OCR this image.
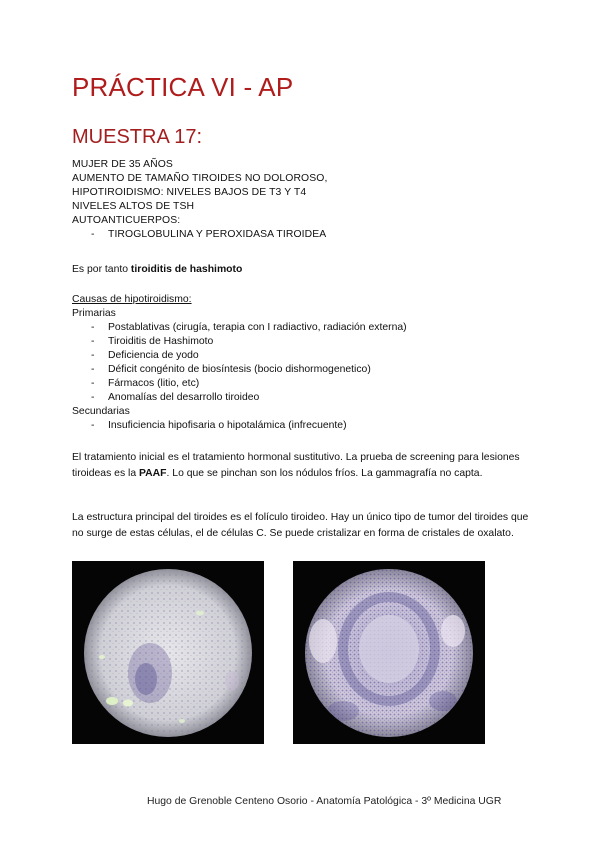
PRÁCTICA VI - AP
MUESTRA 17:
MUJER DE 35 AÑOS
AUMENTO DE TAMAÑO TIROIDES NO DOLOROSO,
HIPOTIROIDISMO: NIVELES BAJOS DE T3 Y T4
NIVELES ALTOS DE TSH
AUTOANTICUERPOS:
-	TIROGLOBULINA Y PEROXIDASA TIROIDEA
Es por tanto tiroiditis de hashimoto
Causas de hipotiroidismo:
Primarias
-	Postablativas (cirugía, terapia con I radiactivo, radiación externa)
-	Tiroiditis de Hashimoto
-	Deficiencia de yodo
-	Déficit congénito de biosíntesis (bocio dishormogenetico)
-	Fármacos (litio, etc)
-	Anomalías del desarrollo tiroideo
Secundarias
-	Insuficiencia hipofisaria o hipotalámica (infrecuente)

El tratamiento inicial es el tratamiento hormonal sustitutivo. La prueba de screening para lesiones tiroideas es la PAAF. Lo que se pinchan son los nódulos fríos. La gammagrafía no capta.

La estructura principal del tiroides es el folículo tiroideo. Hay un único tipo de tumor del tiroides que no surge de estas células, el de células C. Se puede cristalizar en forma de cristales de oxalato.

Hugo de Grenoble Centeno Osorio - Anatomía Patológica - 3º Medicina UGR
